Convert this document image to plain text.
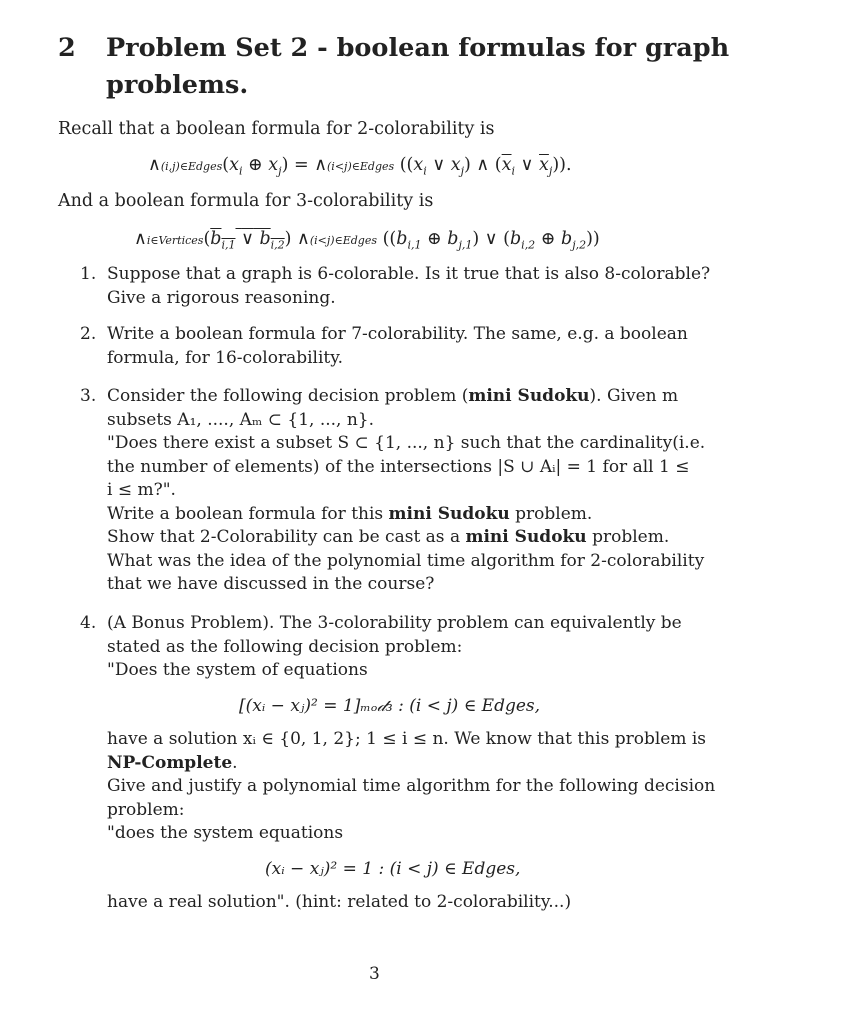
2 Problem Set 2 - boolean formulas for graph problems.
Recall that a boolean formula for 2-colorability is
$\wedge(i,j)\in Edges(x_i$ ⊕ $x_j$) = ∧(i<j)∈Edges (($x_i$ ∨ $x_j$) ∧ ($\overline{x}_i$ ∨ $\overline{x}_j$)).
And a boolean formula for 3-colorability is
$\wedge i\in Vertices(b_{i,1}$ ∨ $b_{i,2}$) ∧(i<j)∈Edges (($b_{i,1}$ ⊕ $b_{j,1}$) ∨ ($b_{i,2}$ ⊕ $b_{j,2}$))
1. Suppose that a graph is 6-colorable. Is it true that is also 8-colorable?
Give a rigorous reasoning.
2. Write a boolean formula for 7-colorability. The same, e.g. a boolean
formula, for 16-colorability.
3. Consider the following decision problem (mini Sudoku). Given m
subsets A₁, ...., Aₘ ⊂ {1, ..., n}.
"Does there exist a subset S ⊂ {1, ..., n} such that the cardinality(i.e.
the number of elements) of the intersections |S ∪ Aᵢ| = 1 for all 1 ≤
i ≤ m?".
Write a boolean formula for this mini Sudoku problem.
Show that 2-Colorability can be cast as a mini Sudoku problem.
What was the idea of the polynomial time algorithm for 2-colorability
that we have discussed in the course?
4. (A Bonus Problem). The 3-colorability problem can equivalently be
stated as the following decision problem:
"Does the system of equations
[(xᵢ − xⱼ)² = 1]ₘₒ𝒹₃ : (i < j) ∈ Edges,
have a solution xᵢ ∈ {0, 1, 2}; 1 ≤ i ≤ n. We know that this problem is
NP-Complete.
Give and justify a polynomial time algorithm for the following decision
problem:
"does the system equations
(xᵢ − xⱼ)² = 1 : (i < j) ∈ Edges,
have a real solution". (hint: related to 2-colorability...)
3
